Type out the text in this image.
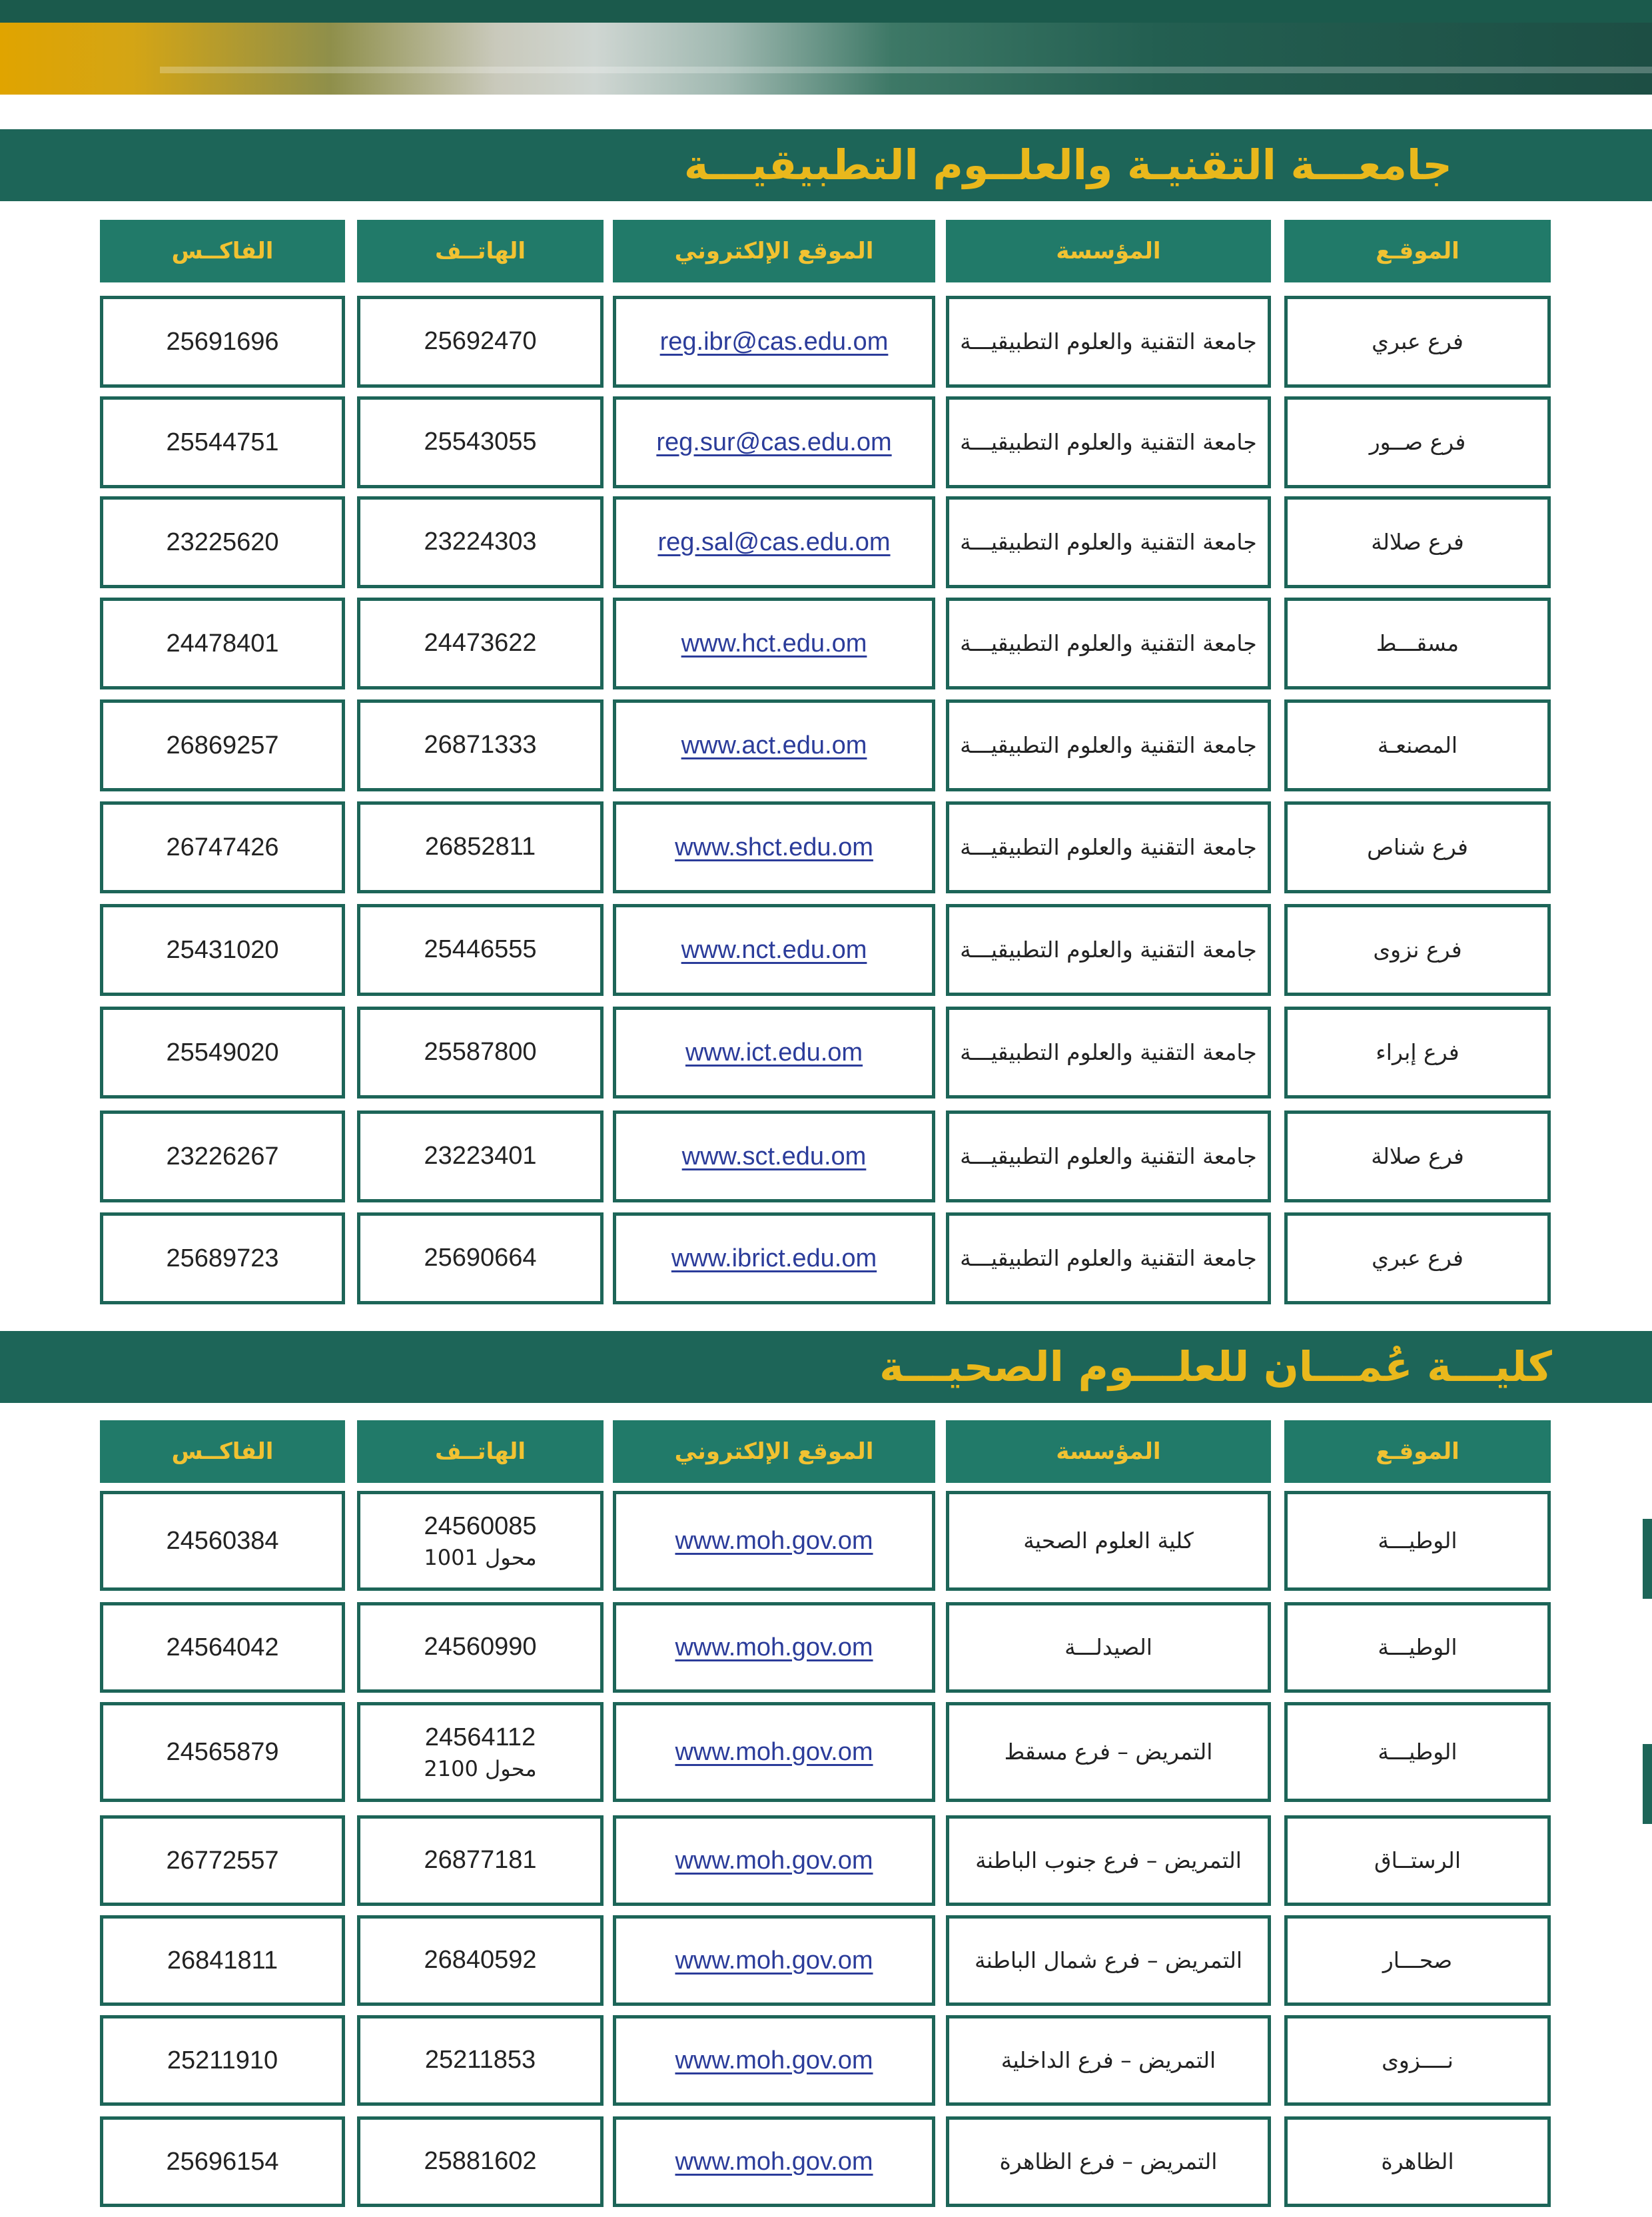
جامعـــة التقنيـة والعلــوم التطبيقيـــة
كليـــة عُمـــان للعلـــوم الصحيـــة
الموقـع
المؤسسة
الموقع الإلكتروني
الهاتــف
الفاكــس
فرع عبري
جامعة التقنية والعلوم التطبيقيـــة
reg.ibr@cas.edu.om
25692470
25691696
فرع صــور
جامعة التقنية والعلوم التطبيقيـــة
reg.sur@cas.edu.om
25543055
25544751
فرع صلالة
جامعة التقنية والعلوم التطبيقيـــة
reg.sal@cas.edu.om
23224303
23225620
مسقـــط
جامعة التقنية والعلوم التطبيقيـــة
www.hct.edu.om
24473622
24478401
المصنعـة
جامعة التقنية والعلوم التطبيقيـــة
www.act.edu.om
26871333
26869257
فرع شناص
جامعة التقنية والعلوم التطبيقيـــة
www.shct.edu.om
26852811
26747426
فرع نزوى
جامعة التقنية والعلوم التطبيقيـــة
www.nct.edu.om
25446555
25431020
فرع إبراء
جامعة التقنية والعلوم التطبيقيـــة
www.ict.edu.om
25587800
25549020
فرع صلالة
جامعة التقنية والعلوم التطبيقيـــة
www.sct.edu.om
23223401
23226267
فرع عبري
جامعة التقنية والعلوم التطبيقيـــة
www.ibrict.edu.om
25690664
25689723
الموقـع
المؤسسة
الموقع الإلكتروني
الهاتــف
الفاكــس
الوطيـــة
كلية العلوم الصحية
www.moh.gov.om
24560085
محول 1001
24560384
الوطيـــة
الصيدلـــة
www.moh.gov.om
24560990
24564042
الوطيـــة
التمريض – فرع مسقط
www.moh.gov.om
24564112
محول 2100
24565879
الرستــاق
التمريض – فرع جنوب الباطنة
www.moh.gov.om
26877181
26772557
صحـــار
التمريض – فرع شمال الباطنة
www.moh.gov.om
26840592
26841811
نــــزوى
التمريض – فرع الداخلية
www.moh.gov.om
25211853
25211910
الظاهرة
التمريض – فرع الظاهرة
www.moh.gov.om
25881602
25696154
